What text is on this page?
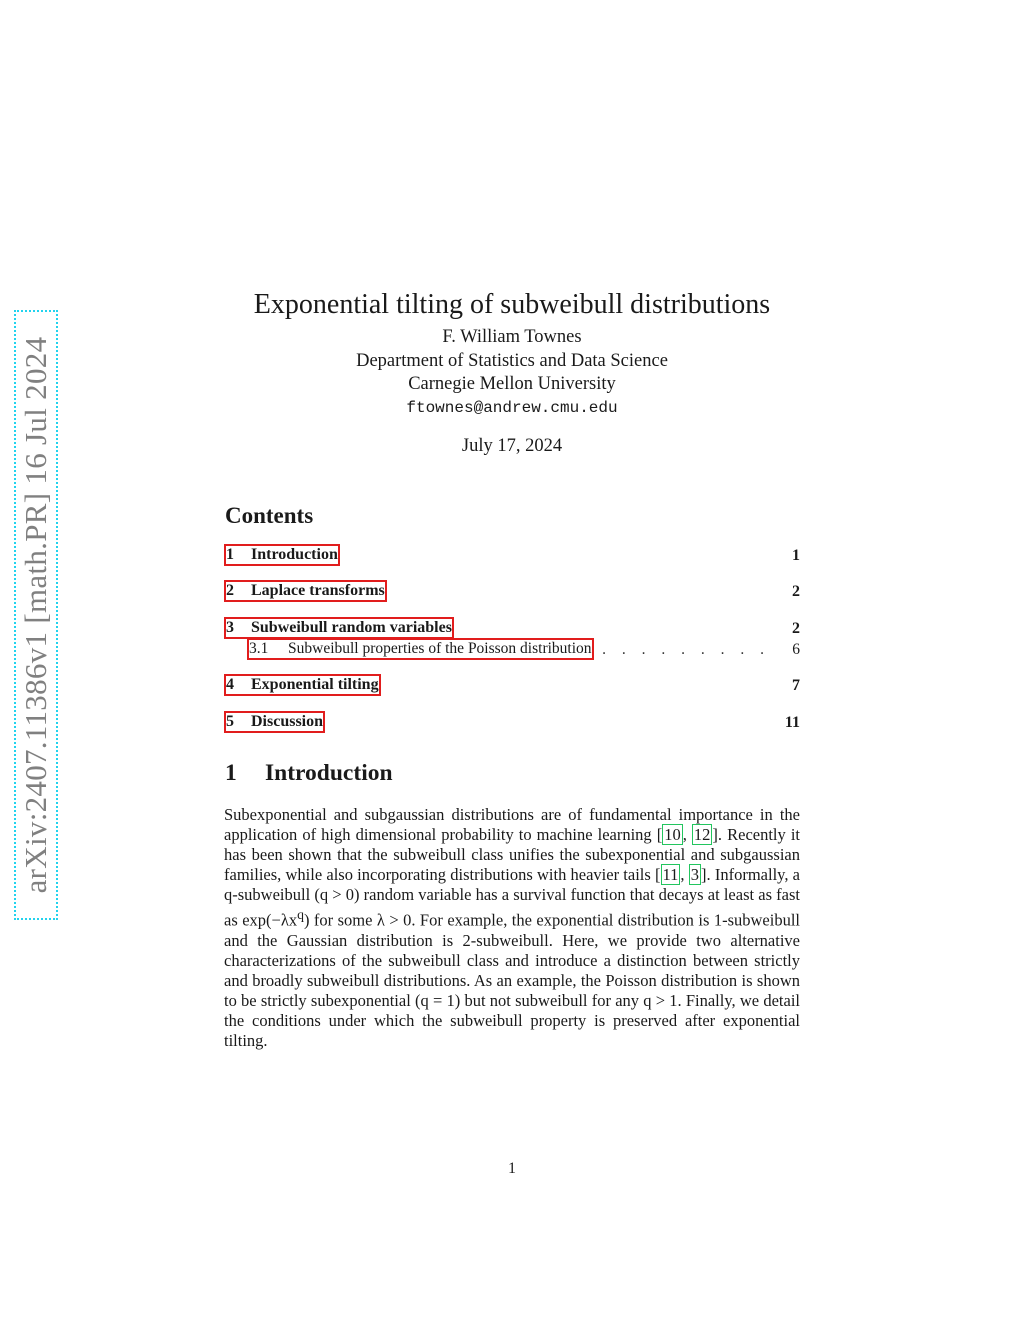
arXiv:2407.11386v1 [math.PR] 16 Jul 2024
Exponential tilting of subweibull distributions
F. William Townes
Department of Statistics and Data Science
Carnegie Mellon University
ftownes@andrew.cmu.edu
July 17, 2024
Contents
1 Introduction	1
2 Laplace transforms	2
3 Subweibull random variables	2
3.1 Subweibull properties of the Poisson distribution . . . . . . . . . 6
4 Exponential tilting	7
5 Discussion	11
1 Introduction

Subexponential and subgaussian distributions are of fundamental importance in the application of high dimensional probability to machine learning [ 10 , 12 ]. Recently it has been shown that the subweibull class unifies the subexponential and subgaussian families, while also incorporating distributions with heavier tails [ 11 , 3 ]. Informally, a q-subweibull (q > 0) random variable has a survival function that decays at least as fast as $\exp(-\lambda x^q)$ for some λ > 0. For example, the exponential distribution is 1-subweibull and the Gaussian distribution is 2-subweibull. Here, we provide two alternative characterizations of the subweibull class and introduce a distinction between strictly and broadly subweibull distributions. As an example, the Poisson distribution is shown to be strictly subexponential (q = 1) but not subweibull for any q > 1. Finally, we detail the conditions under which the subweibull property is preserved after exponential tilting.

1
